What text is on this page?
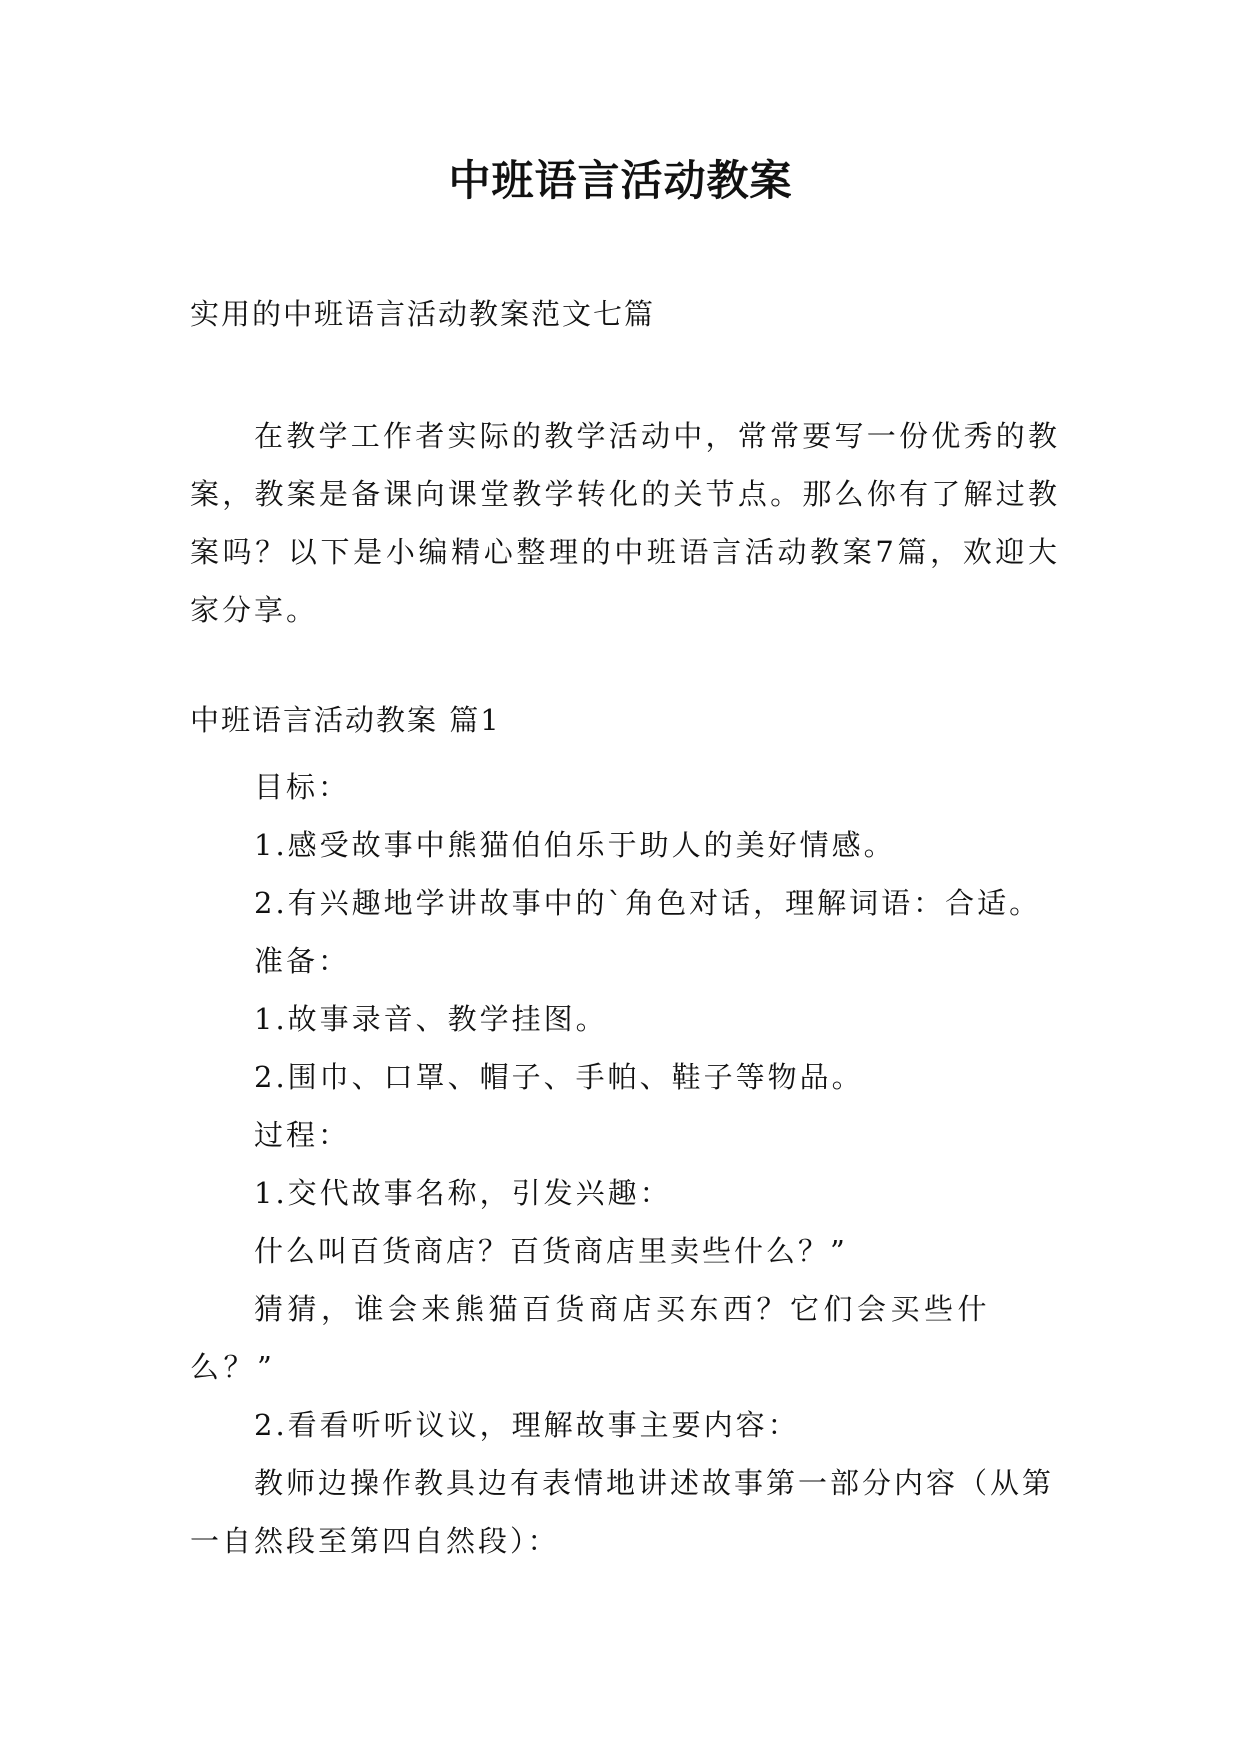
中班语言活动教案
实用的中班语言活动教案范文七篇
在教学工作者实际的教学活动中，常常要写一份优秀的教案，教案是备课向课堂教学转化的关节点。那么你有了解过教案吗？以下是小编精心整理的中班语言活动教案7篇，欢迎大家分享。
中班语言活动教案 篇1

目标：

1.感受故事中熊猫伯伯乐于助人的美好情感。

2.有兴趣地学讲故事中的`角色对话，理解词语：合适。

准备：

1.故事录音、教学挂图。

2.围巾、口罩、帽子、手帕、鞋子等物品。

过程：

1.交代故事名称，引发兴趣：

什么叫百货商店？百货商店里卖些什么？”

猜猜，谁会来熊猫百货商店买东西？它们会买些什么？”

2.看看听听议议，理解故事主要内容：

教师边操作教具边有表情地讲述故事第一部分内容（从第一自然段至第四自然段）：
